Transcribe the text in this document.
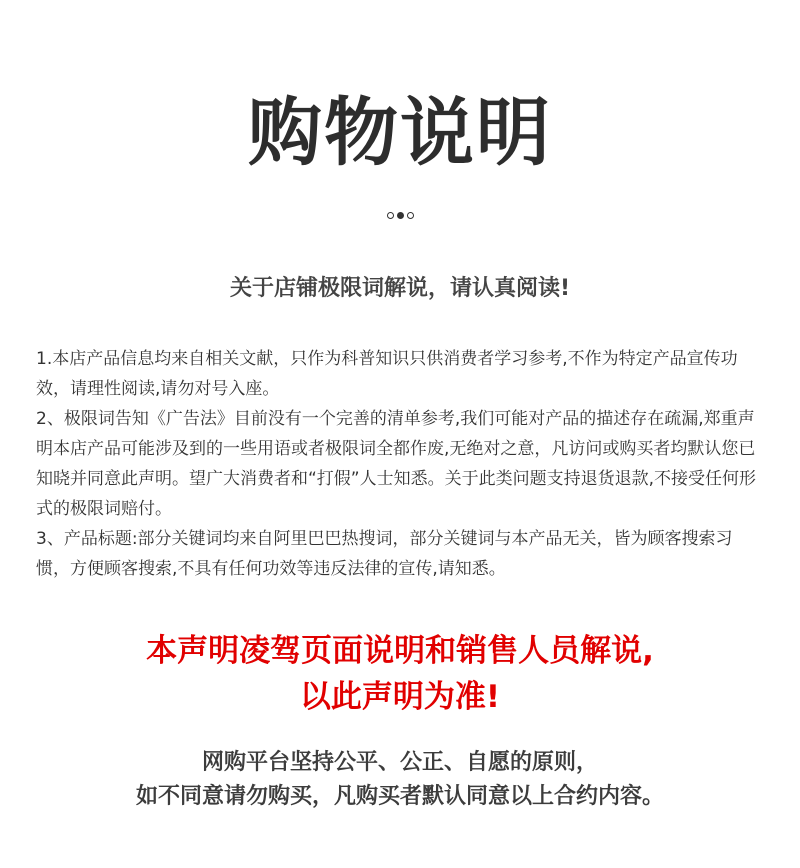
购物说明
关于店铺极限词解说，请认真阅读!

1.本店产品信息均来自相关文献，只作为科普知识只供消费者学习参考,不作为特定产品宣传功效，请理性阅读,请勿对号入座。

2、极限词告知《广告法》目前没有一个完善的清单参考,我们可能对产品的描述存在疏漏,郑重声明本店产品可能涉及到的一些用语或者极限词全都作废,无绝对之意，凡访问或购买者均默认您已知晓并同意此声明。望广大消费者和“打假”人士知悉。关于此类问题支持退货退款,不接受任何形式的极限词赔付。

3、产品标题:部分关键词均来自阿里巴巴热搜词，部分关键词与本产品无关，皆为顾客搜索习惯，方便顾客搜索,不具有任何功效等违反法律的宣传,请知悉。

本声明凌驾页面说明和销售人员解说,
以此声明为准!
网购平台坚持公平、公正、自愿的原则，
如不同意请勿购买，凡购买者默认同意以上合约内容。
